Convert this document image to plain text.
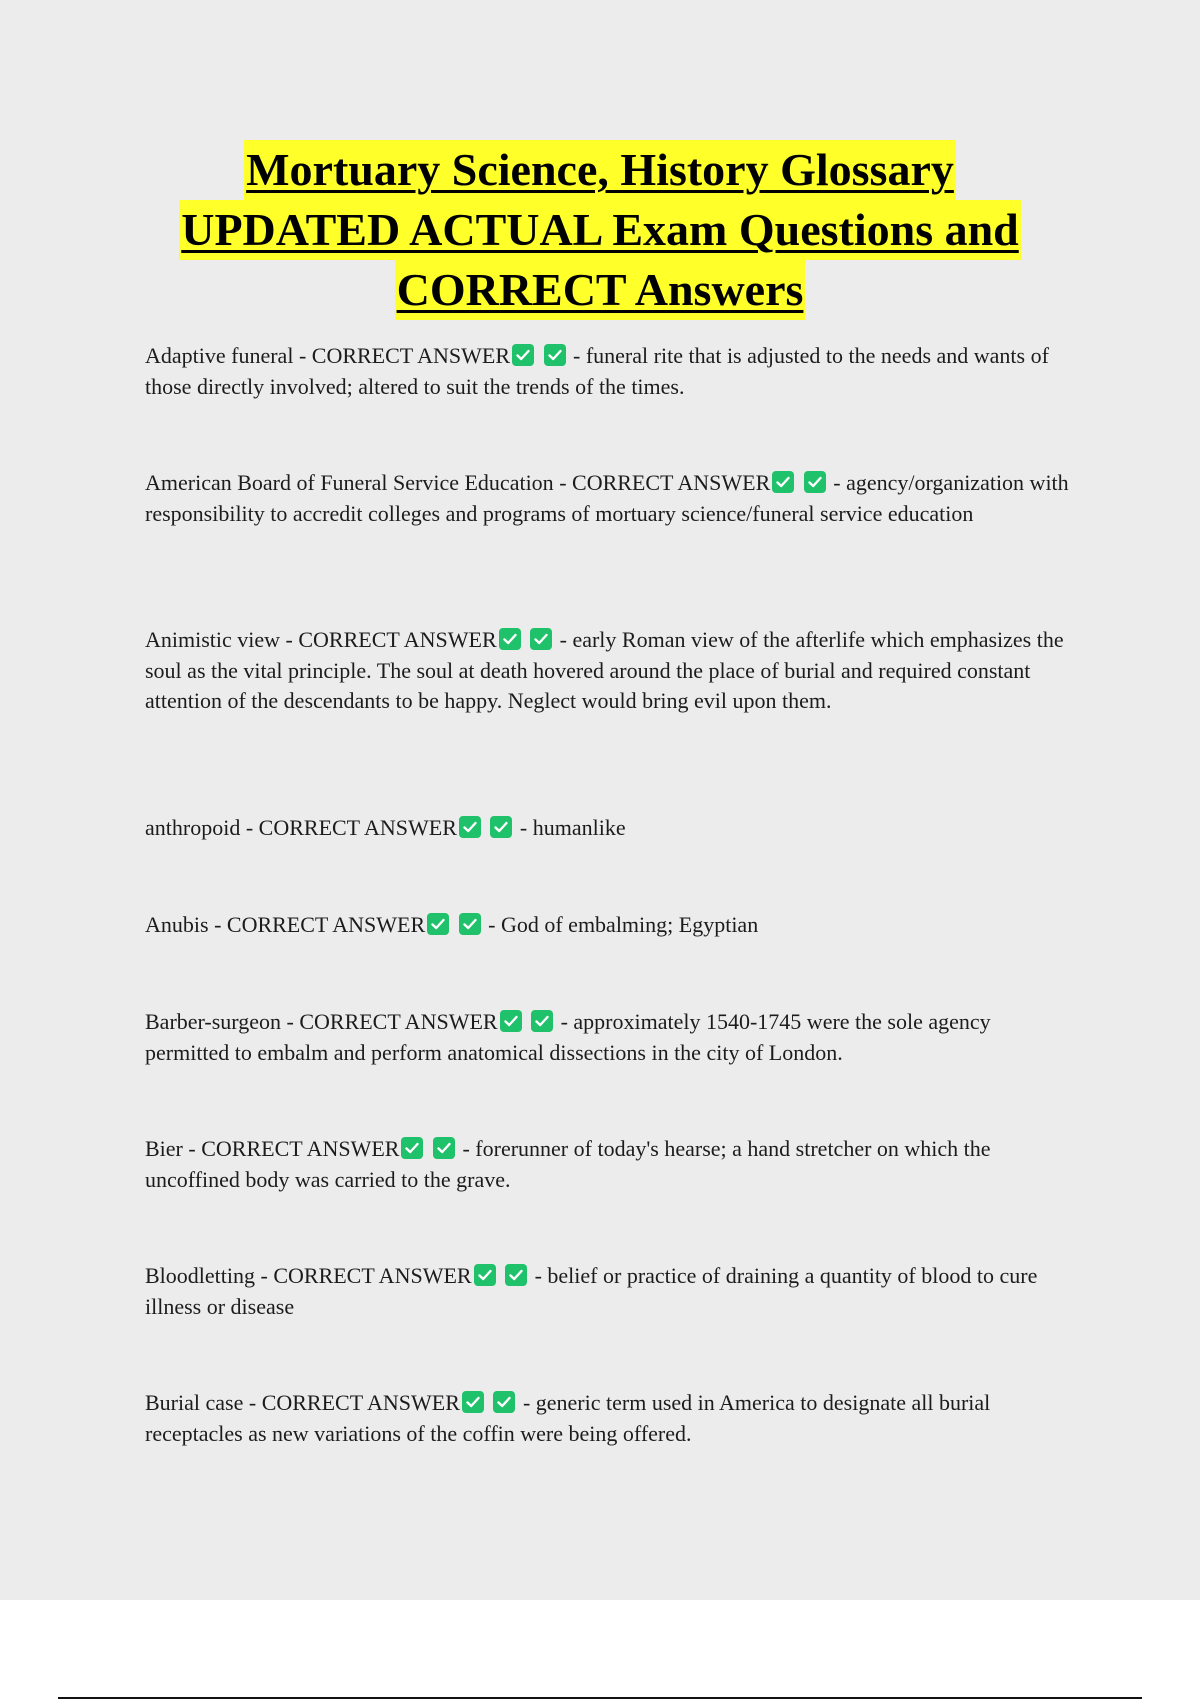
Mortuary Science, History Glossary
UPDATED ACTUAL Exam Questions and
CORRECT Answers
Adaptive funeral - CORRECT ANSWER
	- funeral rite that is adjusted to the needs and wants of those directly involved; altered to suit the trends of the times.
American Board of Funeral Service Education - CORRECT ANSWER
	- agency/organization with responsibility to accredit colleges and programs of mortuary science/funeral service education
Animistic view - CORRECT ANSWER
	- early Roman view of the afterlife which emphasizes the soul as the vital principle. The soul at death hovered around the place of burial and required constant attention of the descendants to be happy. Neglect would bring evil upon them.
anthropoid - CORRECT ANSWER
	- humanlike
Anubis - CORRECT ANSWER
	- God of embalming; Egyptian
Barber-surgeon - CORRECT ANSWER
	- approximately 1540-1745 were the sole agency permitted to embalm and perform anatomical dissections in the city of London.
Bier - CORRECT ANSWER
	- forerunner of today's hearse; a hand stretcher on which the uncoffined body was carried to the grave.
Bloodletting - CORRECT ANSWER
	- belief or practice of draining a quantity of blood to cure illness or disease
Burial case - CORRECT ANSWER
	- generic term used in America to designate all burial receptacles as new variations of the coffin were being offered.
